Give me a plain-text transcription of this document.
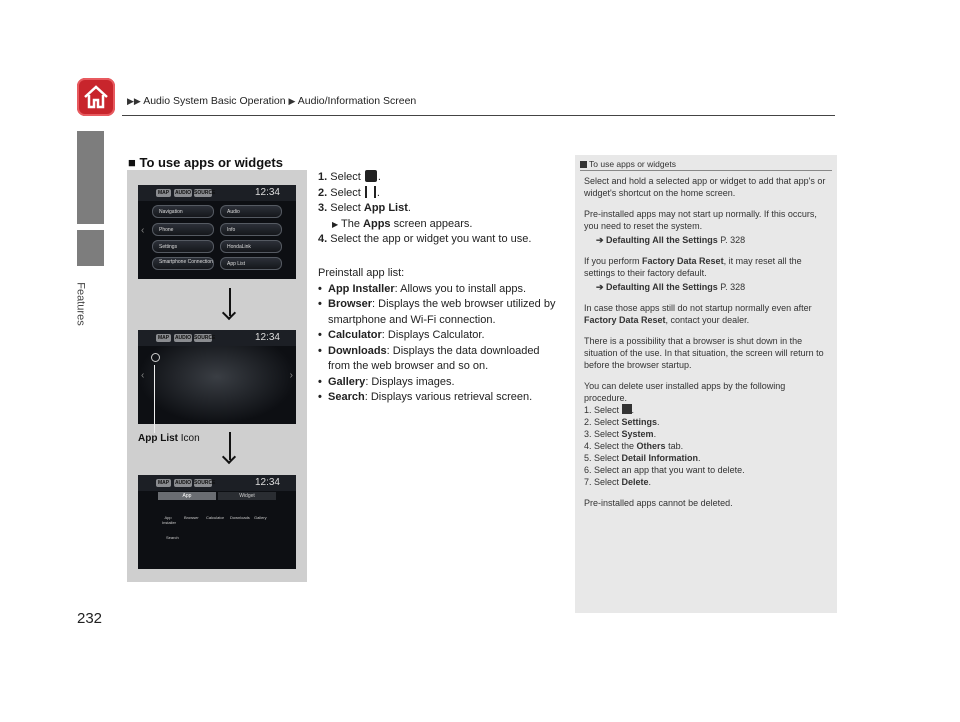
▶▶ Audio System Basic Operation ▶ Audio/Information Screen
Features
232
■ To use apps or widgets
MAP	AUDIO SOURCE	12:34
Navigation	Audio
Phone	Info
Settings	HondaLink
Smartphone Connection	App List
‹
MAP	AUDIO SOURCE	12:34
‹	›
App List Icon
MAP	AUDIO SOURCE	12:34
App	Widget
App Installer
Browser Calculator Downloads Gallery
Search
1. Select .
2. Select .
3. Select App List.
▶ The Apps screen appears.
4. Select the app or widget you want to use.
Preinstall app list:
• App Installer: Allows you to install apps.
• Browser: Displays the web browser utilized by smartphone and Wi-Fi connection.
• Calculator: Displays Calculator.
• Downloads: Displays the data downloaded from the web browser and so on.
• Gallery: Displays images.
• Search: Displays various retrieval screen.
To use apps or widgets

Select and hold a selected app or widget to add that app's or widget's shortcut on the home screen.

Pre-installed apps may not start up normally. If this occurs, you need to reset the system.

➔ Defaulting All the Settings P. 328

If you perform Factory Data Reset, it may reset all the settings to their factory default.

➔ Defaulting All the Settings P. 328

In case those apps still do not startup normally even after Factory Data Reset, contact your dealer.

There is a possibility that a browser is shut down in the situation of the use. In that situation, the screen will return to before the browser startup.

You can delete user installed apps by the following procedure.

1. Select .
2. Select Settings.
3. Select System.
4. Select the Others tab.
5. Select Detail Information.
6. Select an app that you want to delete.
7. Select Delete.

Pre-installed apps cannot be deleted.
